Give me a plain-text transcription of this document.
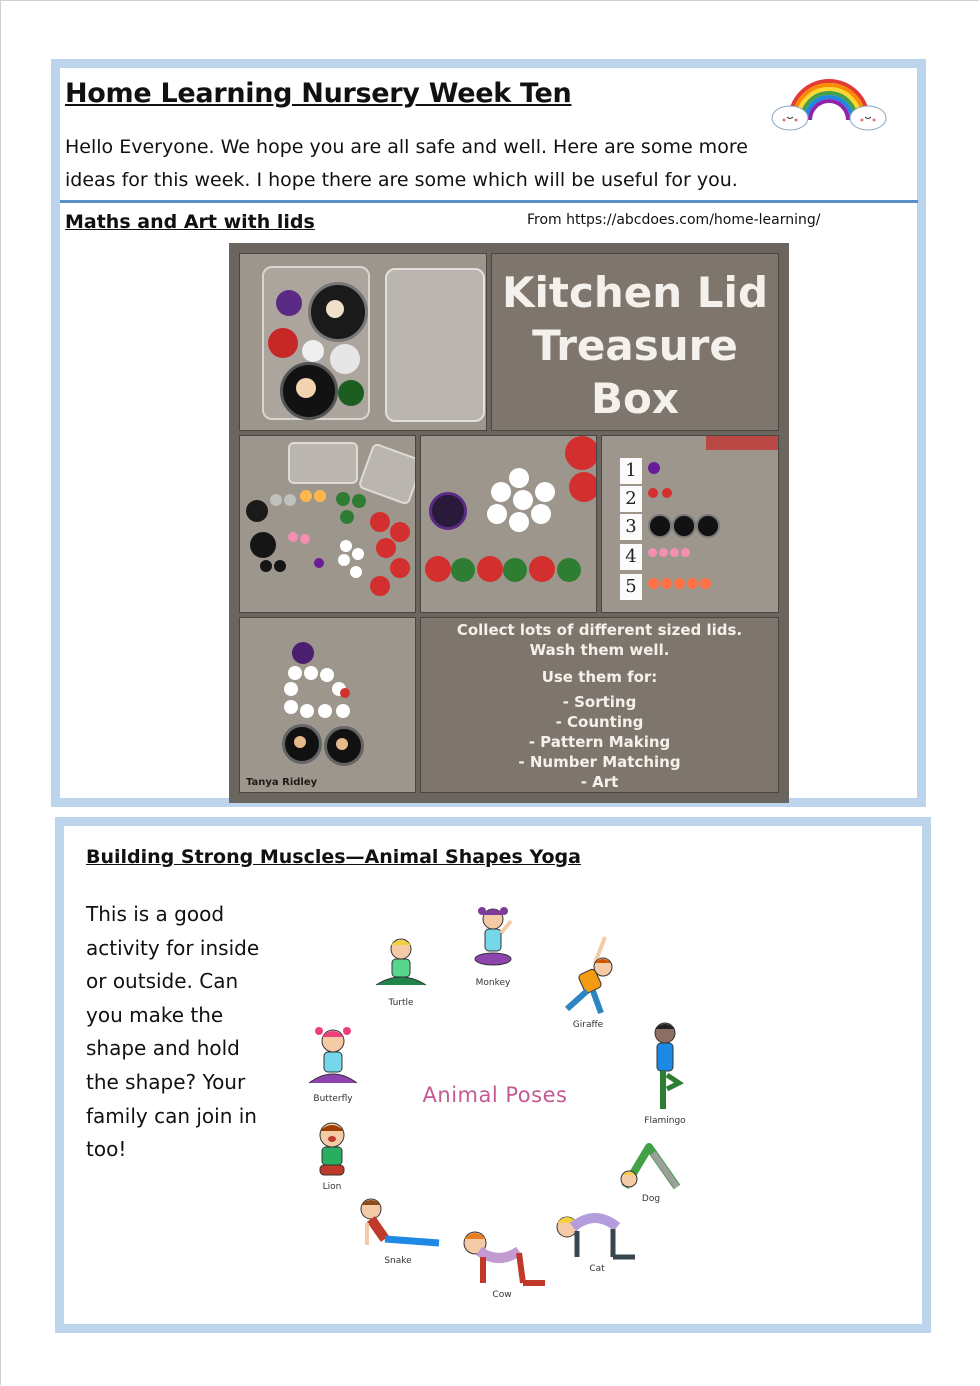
Home Learning Nursery Week Ten
Hello Everyone. We hope you are all safe and well. Here are some more ideas for this week. I hope there are some which will be useful for you.
Maths and Art with lids	From https://abcdoes.com/home-learning/
Kitchen Lid
Treasure
Box
1
2
3
4
5
Tanya Ridley
Collect lots of different sized lids.
Wash them well.
Use them for:
- Sorting
- Counting
- Pattern Making
- Number Matching
- Art
Building Strong Muscles—Animal Shapes Yoga
This is a good activity for inside or outside. Can you make the shape and hold the shape? Your family can join in too!
Animal Poses
Monkey
Turtle
Giraffe
Butterfly
Flamingo
Lion
Dog
Snake
Cat
Cow
